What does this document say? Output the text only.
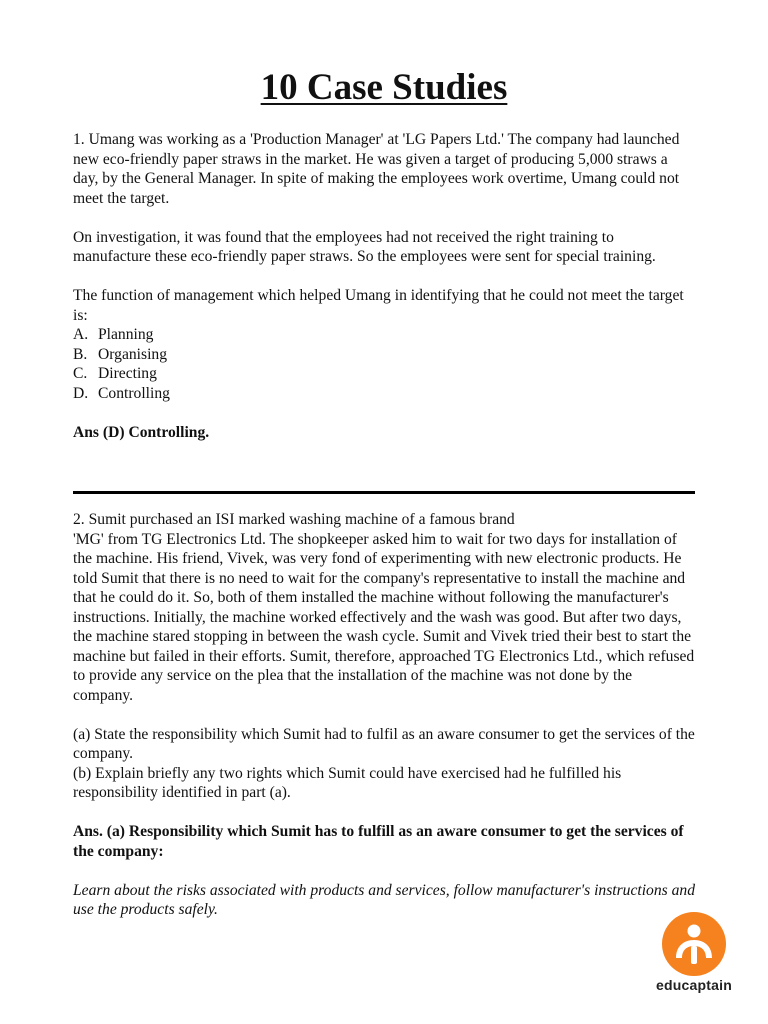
10 Case Studies

1. Umang was working as a 'Production Manager' at 'LG Papers Ltd.' The company had launched new eco-friendly paper straws in the market. He was given a target of producing 5,000 straws a day, by the General Manager. In spite of making the employees work overtime, Umang could not meet the target.

On investigation, it was found that the employees had not received the right training to manufacture these eco-friendly paper straws. So the employees were sent for special training.

The function of management which helped Umang in identifying that he could not meet the target is:

A. Planning
B. Organising
C. Directing
D. Controlling

Ans (D) Controlling.

2. Sumit purchased an ISI marked washing machine of a famous brand

'MG' from TG Electronics Ltd. The shopkeeper asked him to wait for two days for installation of the machine. His friend, Vivek, was very fond of experimenting with new electronic products. He told Sumit that there is no need to wait for the company's representative to install the machine and that he could do it. So, both of them installed the machine without following the manufacturer's instructions. Initially, the machine worked effectively and the wash was good. But after two days, the machine stared stopping in between the wash cycle. Sumit and Vivek tried their best to start the machine but failed in their efforts. Sumit, therefore, approached TG Electronics Ltd., which refused to provide any service on the plea that the installation of the machine was not done by the company.

(a) State the responsibility which Sumit had to fulfil as an aware consumer to get the services of the company.

(b) Explain briefly any two rights which Sumit could have exercised had he fulfilled his responsibility identified in part (a).

Ans. (a) Responsibility which Sumit has to fulfill as an aware consumer to get the services of the company:

Learn about the risks associated with products and services, follow manufacturer's instructions and use the products safely.

educaptain
